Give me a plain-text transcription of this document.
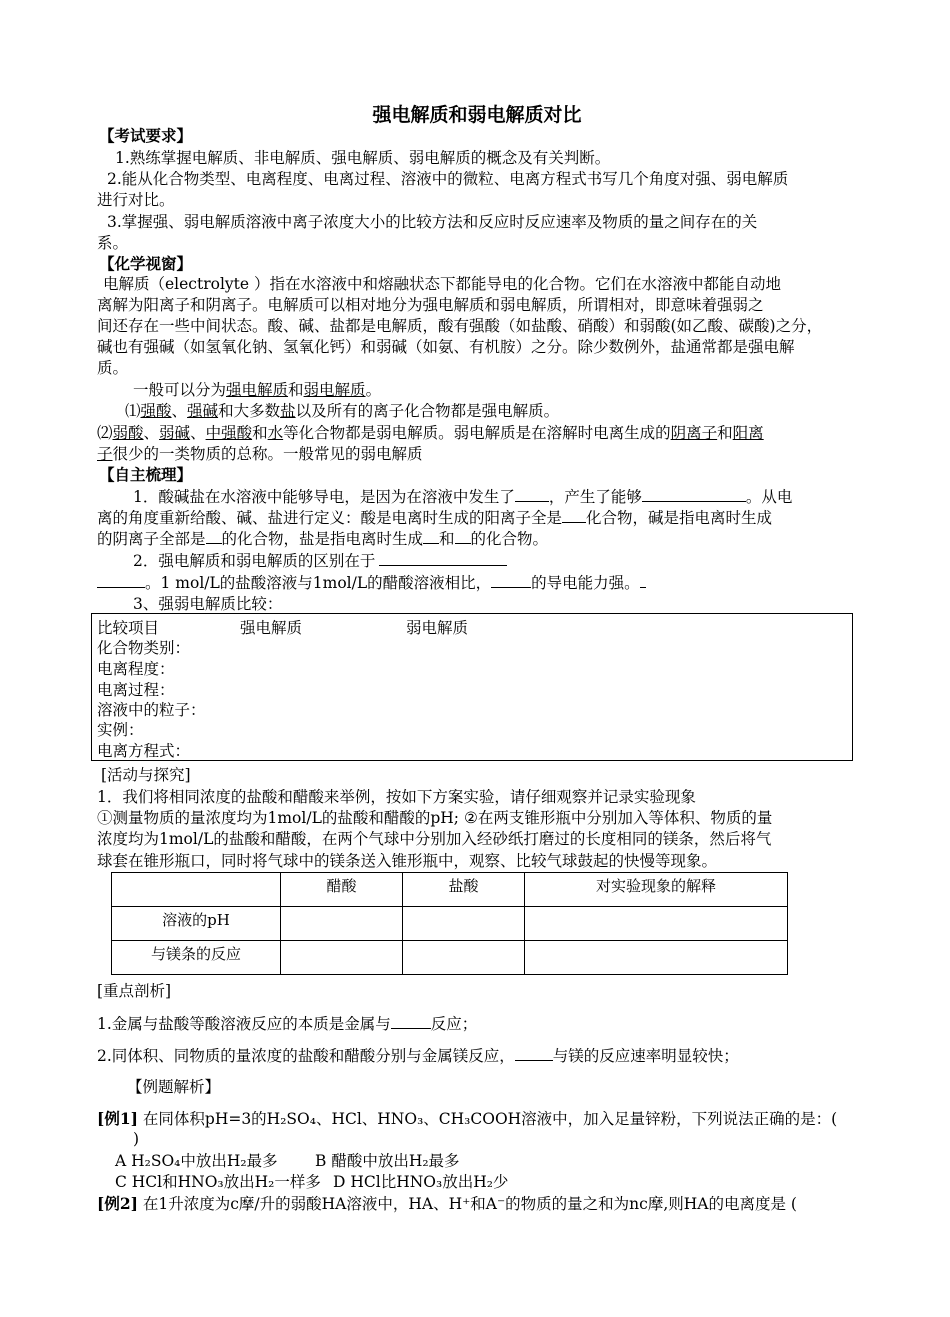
强电解质和弱电解质对比
【考试要求】
1.熟练掌握电解质、非电解质、强电解质、弱电解质的概念及有关判断。
2.能从化合物类型、电离程度、电离过程、溶液中的微粒、电离方程式书写几个角度对强、弱电解质
进行对比。
3.掌握强、弱电解质溶液中离子浓度大小的比较方法和反应时反应速率及物质的量之间存在的关
系。
【化学视窗】
电解质（electrolyte ）指在水溶液中和熔融状态下都能导电的化合物。它们在水溶液中都能自动地
离解为阳离子和阴离子。电解质可以相对地分为强电解质和弱电解质，所谓相对，即意味着强弱之
间还存在一些中间状态。酸、碱、盐都是电解质，酸有强酸（如盐酸、硝酸）和弱酸(如乙酸、碳酸)之分，
碱也有强碱（如氢氧化钠、氢氧化钙）和弱碱（如氨、有机胺）之分。除少数例外，盐通常都是强电解
质。
一般可以分为强电解质和弱电解质。
⑴强酸、强碱和大多数盐以及所有的离子化合物都是强电解质。
⑵弱酸、弱碱、中强酸和水等化合物都是弱电解质。弱电解质是在溶解时电离生成的阴离子和阳离
子很少的一类物质的总称。一般常见的弱电解质
【自主梳理】
1．酸碱盐在水溶液中能够导电，是因为在溶液中发生了 ，产生了能够	。从电
离的角度重新给酸、碱、盐进行定义：酸是电离时生成的阳离子全是 化合物，碱是指电离时生成
的阴离子全部是 的化合物，盐是指电离时生成 和 的化合物。
2．强电解质和弱电解质的区别在于
。1 mol/L的盐酸溶液与1mol/L的醋酸溶液相比，	的导电能力强。
3、强弱电解质比较：
比较项目	强电解质	弱电解质
化合物类别：
电离程度：
电离过程：
溶液中的粒子：
实例：
电离方程式：
[活动与探究]
1．我们将相同浓度的盐酸和醋酸来举例，按如下方案实验，请仔细观察并记录实验现象
①测量物质的量浓度均为1mol/L的盐酸和醋酸的pH; ②在两支锥形瓶中分别加入等体积、物质的量
浓度均为1mol/L的盐酸和醋酸，在两个气球中分别加入经砂纸打磨过的长度相同的镁条，然后将气
球套在锥形瓶口，同时将气球中的镁条送入锥形瓶中，观察、比较气球鼓起的快慢等现象。
	醋酸	盐酸	对实验现象的解释
溶液的pH			
与镁条的反应			
[重点剖析]
1.金属与盐酸等酸溶液反应的本质是金属与	反应；
2.同体积、同物质的量浓度的盐酸和醋酸分别与金属镁反应， 与镁的反应速率明显较快；
【例题解析】
[例1] 在同体积pH=3的H₂SO₄、HCl、HNO₃、CH₃COOH溶液中，加入足量锌粉，下列说法正确的是：(
)
A H₂SO₄中放出H₂最多 B 醋酸中放出H₂最多
C HCl和HNO₃放出H₂一样多 D HCl比HNO₃放出H₂少
[例2] 在1升浓度为c摩/升的弱酸HA溶液中，HA、H⁺和A⁻的物质的量之和为nc摩,则HA的电离度是 (
